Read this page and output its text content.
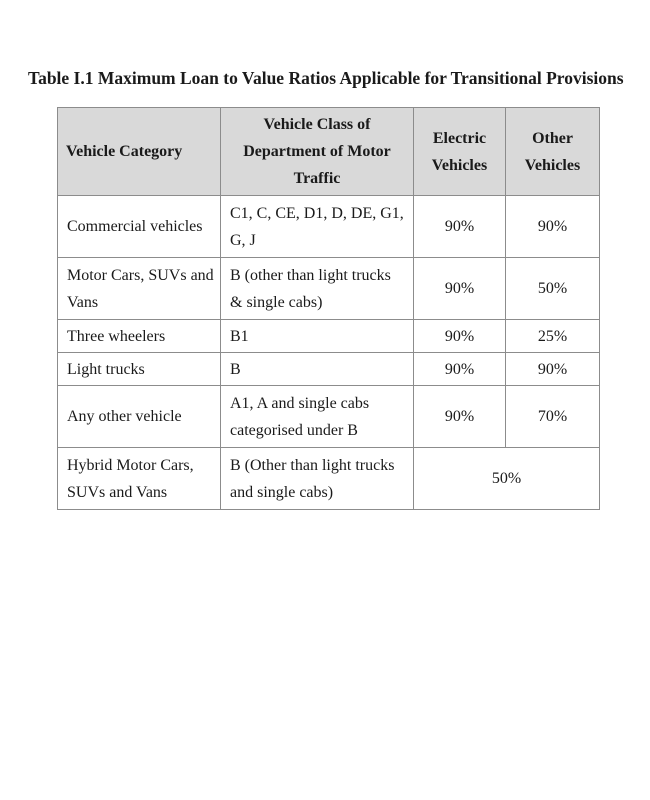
Table I.1 Maximum Loan to Value Ratios Applicable for Transitional Provisions
Vehicle Category	Vehicle Class of Department of Motor Traffic	Electric Vehicles	Other Vehicles
Commercial vehicles	C1, C, CE, D1, D, DE, G1, G, J	90%	90%
Motor Cars, SUVs and Vans	B (other than light trucks & single cabs)	90%	50%
Three wheelers	B1	90%	25%
Light trucks	B	90%	90%
Any other vehicle	A1, A and single cabs categorised under B	90%	70%
Hybrid Motor Cars, SUVs and Vans	B (Other than light trucks and single cabs)	50%	
